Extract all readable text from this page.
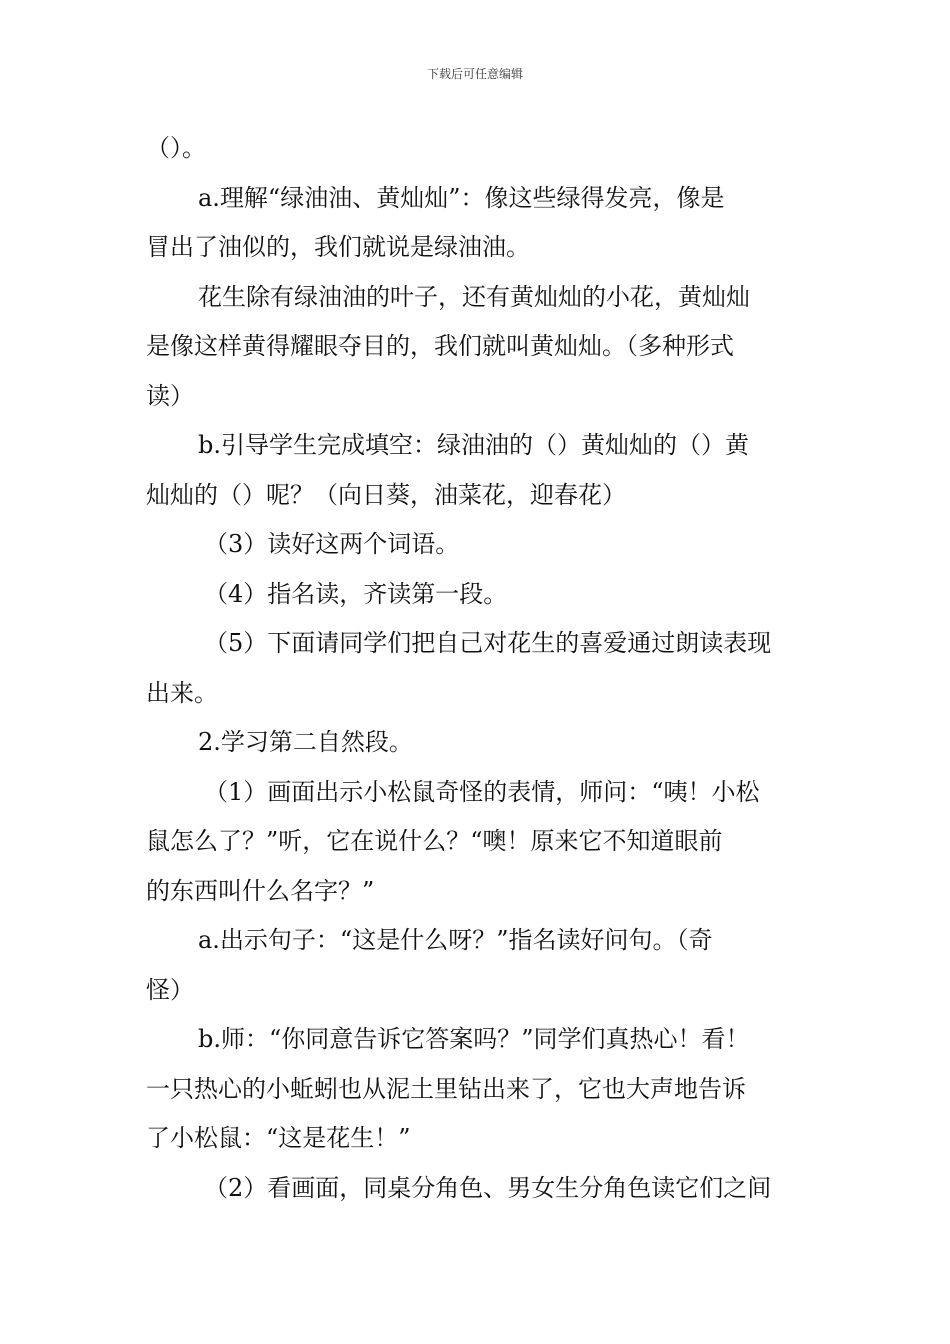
下载后可任意编辑
（）。
a.理解“绿油油、黄灿灿”：像这些绿得发亮，像是
冒出了油似的，我们就说是绿油油。
花生除有绿油油的叶子，还有黄灿灿的小花，黄灿灿
是像这样黄得耀眼夺目的，我们就叫黄灿灿。（多种形式
读）
b.引导学生完成填空：绿油油的（）黄灿灿的（）黄
灿灿的（）呢？（向日葵，油菜花，迎春花）
（3）读好这两个词语。
（4）指名读，齐读第一段。
（5）下面请同学们把自己对花生的喜爱通过朗读表现
出来。
2.学习第二自然段。
（1）画面出示小松鼠奇怪的表情，师问：“咦！小松
鼠怎么了？”听，它在说什么？“噢！原来它不知道眼前
的东西叫什么名字？”
a.出示句子：“这是什么呀？”指名读好问句。（奇
怪）
b.师：“你同意告诉它答案吗？”同学们真热心！看！
一只热心的小蚯蚓也从泥土里钻出来了，它也大声地告诉
了小松鼠：“这是花生！”
（2）看画面，同桌分角色、男女生分角色读它们之间
